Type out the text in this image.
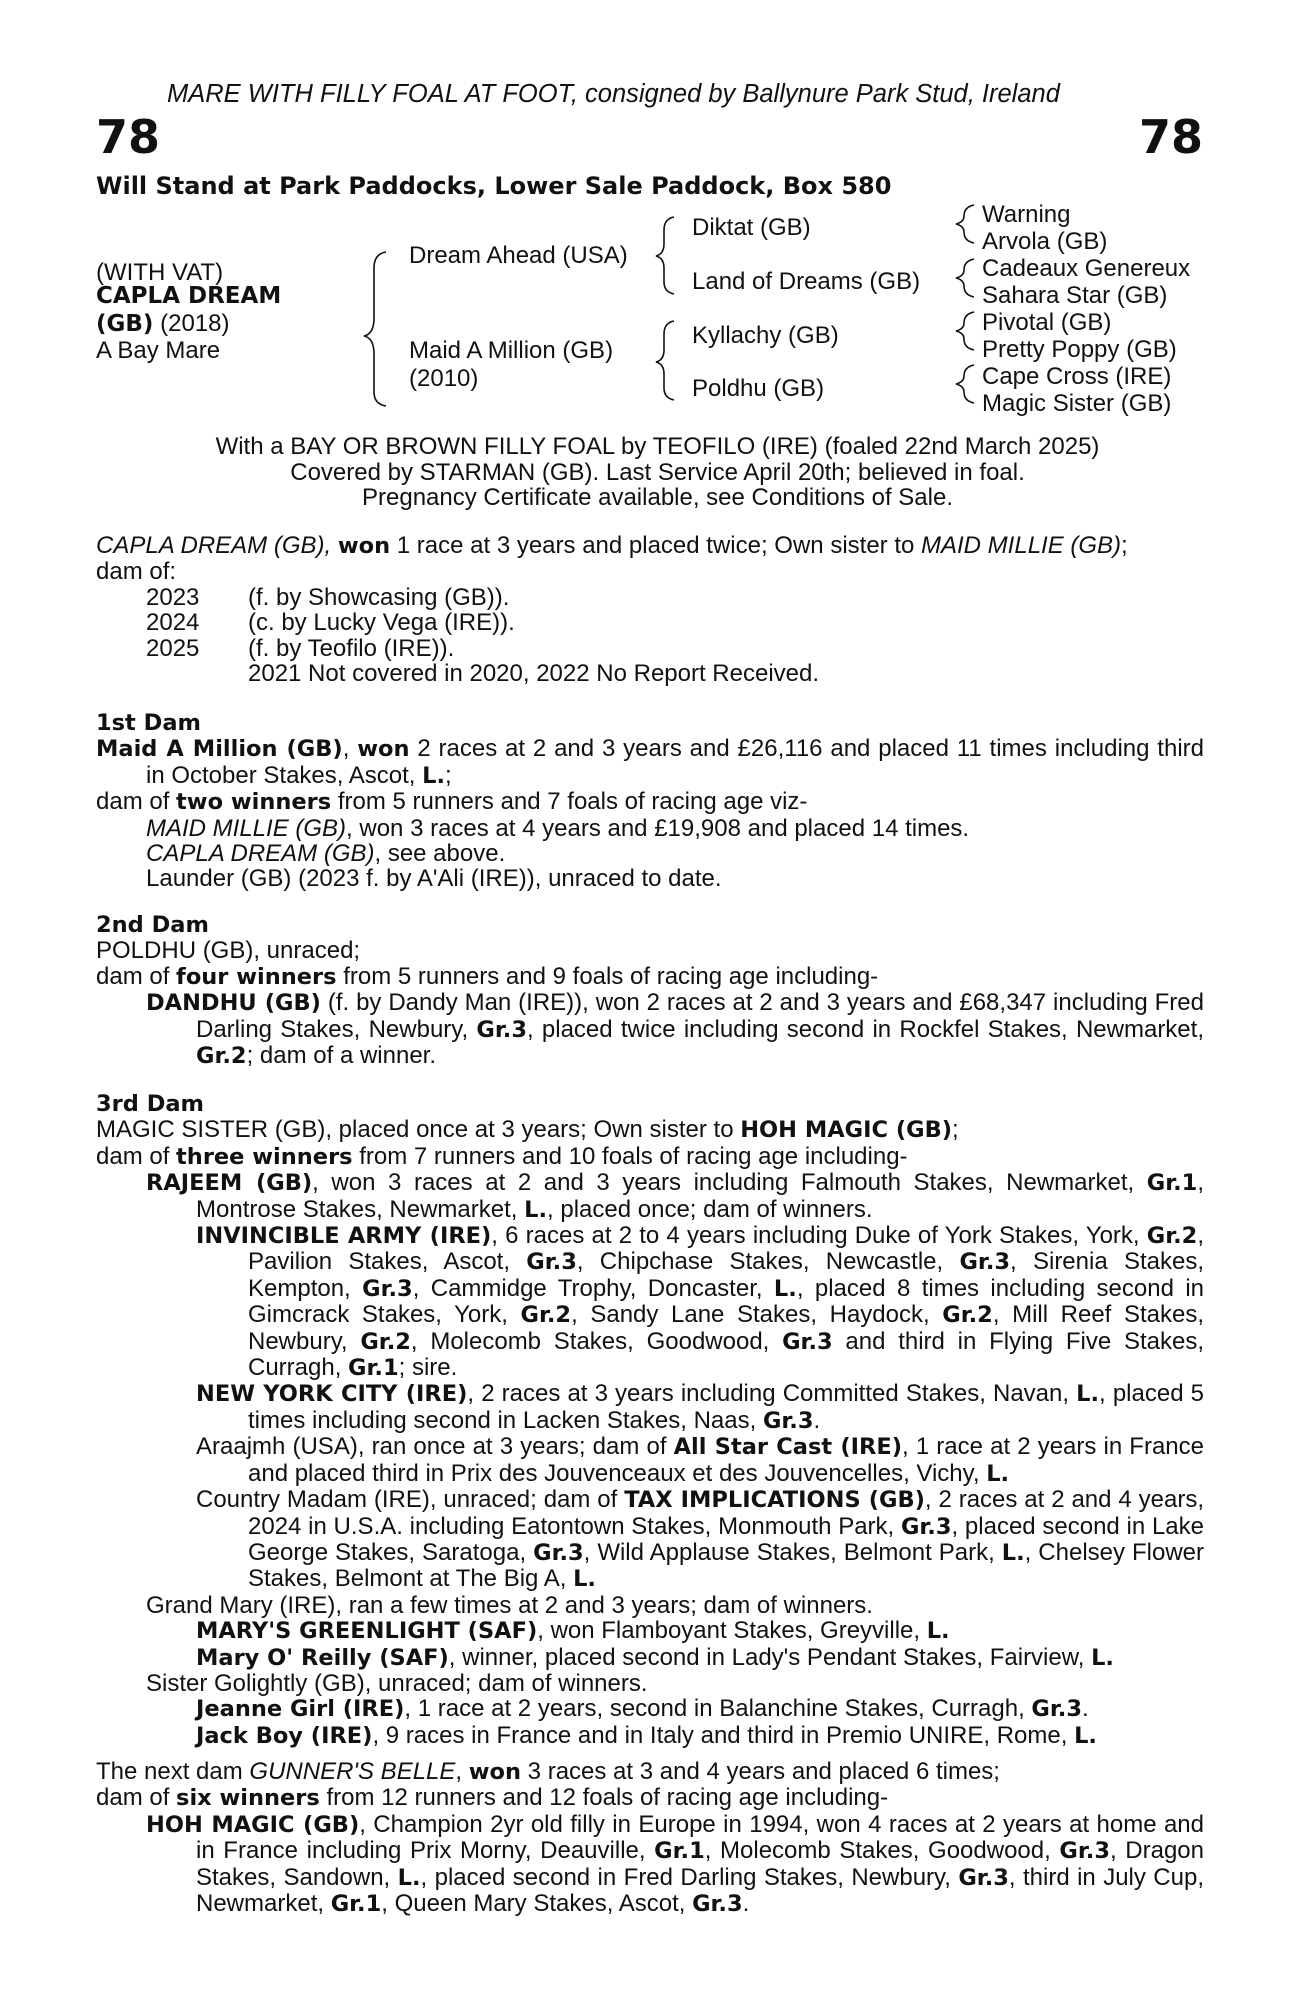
MARE WITH FILLY FOAL AT FOOT, consigned by Ballynure Park Stud, Ireland
78	78
Will Stand at Park Paddocks, Lower Sale Paddock, Box 580
(WITH VAT)
CAPLA DREAM
(GB) (2018)
A Bay Mare
Dream Ahead (USA)
Maid A Million (GB)
(2010)
Diktat (GB)
Land of Dreams (GB)
Kyllachy (GB)
Poldhu (GB)
Warning
Arvola (GB)
Cadeaux Genereux
Sahara Star (GB)
Pivotal (GB)
Pretty Poppy (GB)
Cape Cross (IRE)
Magic Sister (GB)
With a BAY OR BROWN FILLY FOAL by TEOFILO (IRE) (foaled 22nd March 2025)
Covered by STARMAN (GB). Last Service April 20th; believed in foal.
Pregnancy Certificate available, see Conditions of Sale.

CAPLA DREAM (GB), won 1 race at 3 years and placed twice; Own sister to MAID MILLIE (GB);

dam of:

2023	(f. by Showcasing (GB)).
2024	(c. by Lucky Vega (IRE)).
2025	(f. by Teofilo (IRE)).

2021 Not covered in 2020, 2022 No Report Received.

1st Dam

Maid A Million (GB), won 2 races at 2 and 3 years and £26,116 and placed 11 times including third in October Stakes, Ascot, L.;

dam of two winners from 5 runners and 7 foals of racing age viz-

MAID MILLIE (GB), won 3 races at 4 years and £19,908 and placed 14 times.

CAPLA DREAM (GB), see above.

Launder (GB) (2023 f. by A'Ali (IRE)), unraced to date.

2nd Dam

POLDHU (GB), unraced;

dam of four winners from 5 runners and 9 foals of racing age including-

DANDHU (GB) (f. by Dandy Man (IRE)), won 2 races at 2 and 3 years and £68,347 including Fred Darling Stakes, Newbury, Gr.3, placed twice including second in Rockfel Stakes, Newmarket, Gr.2; dam of a winner.

3rd Dam

MAGIC SISTER (GB), placed once at 3 years; Own sister to HOH MAGIC (GB);

dam of three winners from 7 runners and 10 foals of racing age including-

RAJEEM (GB), won 3 races at 2 and 3 years including Falmouth Stakes, Newmarket, Gr.1, Montrose Stakes, Newmarket, L., placed once; dam of winners.

INVINCIBLE ARMY (IRE), 6 races at 2 to 4 years including Duke of York Stakes, York, Gr.2, Pavilion Stakes, Ascot, Gr.3, Chipchase Stakes, Newcastle, Gr.3, Sirenia Stakes, Kempton, Gr.3, Cammidge Trophy, Doncaster, L., placed 8 times including second in Gimcrack Stakes, York, Gr.2, Sandy Lane Stakes, Haydock, Gr.2, Mill Reef Stakes, Newbury, Gr.2, Molecomb Stakes, Goodwood, Gr.3 and third in Flying Five Stakes, Curragh, Gr.1; sire.

NEW YORK CITY (IRE), 2 races at 3 years including Committed Stakes, Navan, L., placed 5 times including second in Lacken Stakes, Naas, Gr.3.

Araajmh (USA), ran once at 3 years; dam of All Star Cast (IRE), 1 race at 2 years in France and placed third in Prix des Jouvenceaux et des Jouvencelles, Vichy, L.

Country Madam (IRE), unraced; dam of TAX IMPLICATIONS (GB), 2 races at 2 and 4 years, 2024 in U.S.A. including Eatontown Stakes, Monmouth Park, Gr.3, placed second in Lake George Stakes, Saratoga, Gr.3, Wild Applause Stakes, Belmont Park, L., Chelsey Flower Stakes, Belmont at The Big A, L.

Grand Mary (IRE), ran a few times at 2 and 3 years; dam of winners.

MARY'S GREENLIGHT (SAF), won Flamboyant Stakes, Greyville, L.

Mary O' Reilly (SAF), winner, placed second in Lady's Pendant Stakes, Fairview, L.

Sister Golightly (GB), unraced; dam of winners.

Jeanne Girl (IRE), 1 race at 2 years, second in Balanchine Stakes, Curragh, Gr.3.

Jack Boy (IRE), 9 races in France and in Italy and third in Premio UNIRE, Rome, L.

The next dam GUNNER'S BELLE, won 3 races at 3 and 4 years and placed 6 times;

dam of six winners from 12 runners and 12 foals of racing age including-

HOH MAGIC (GB), Champion 2yr old filly in Europe in 1994, won 4 races at 2 years at home and in France including Prix Morny, Deauville, Gr.1, Molecomb Stakes, Goodwood, Gr.3, Dragon Stakes, Sandown, L., placed second in Fred Darling Stakes, Newbury, Gr.3, third in July Cup, Newmarket, Gr.1, Queen Mary Stakes, Ascot, Gr.3.
